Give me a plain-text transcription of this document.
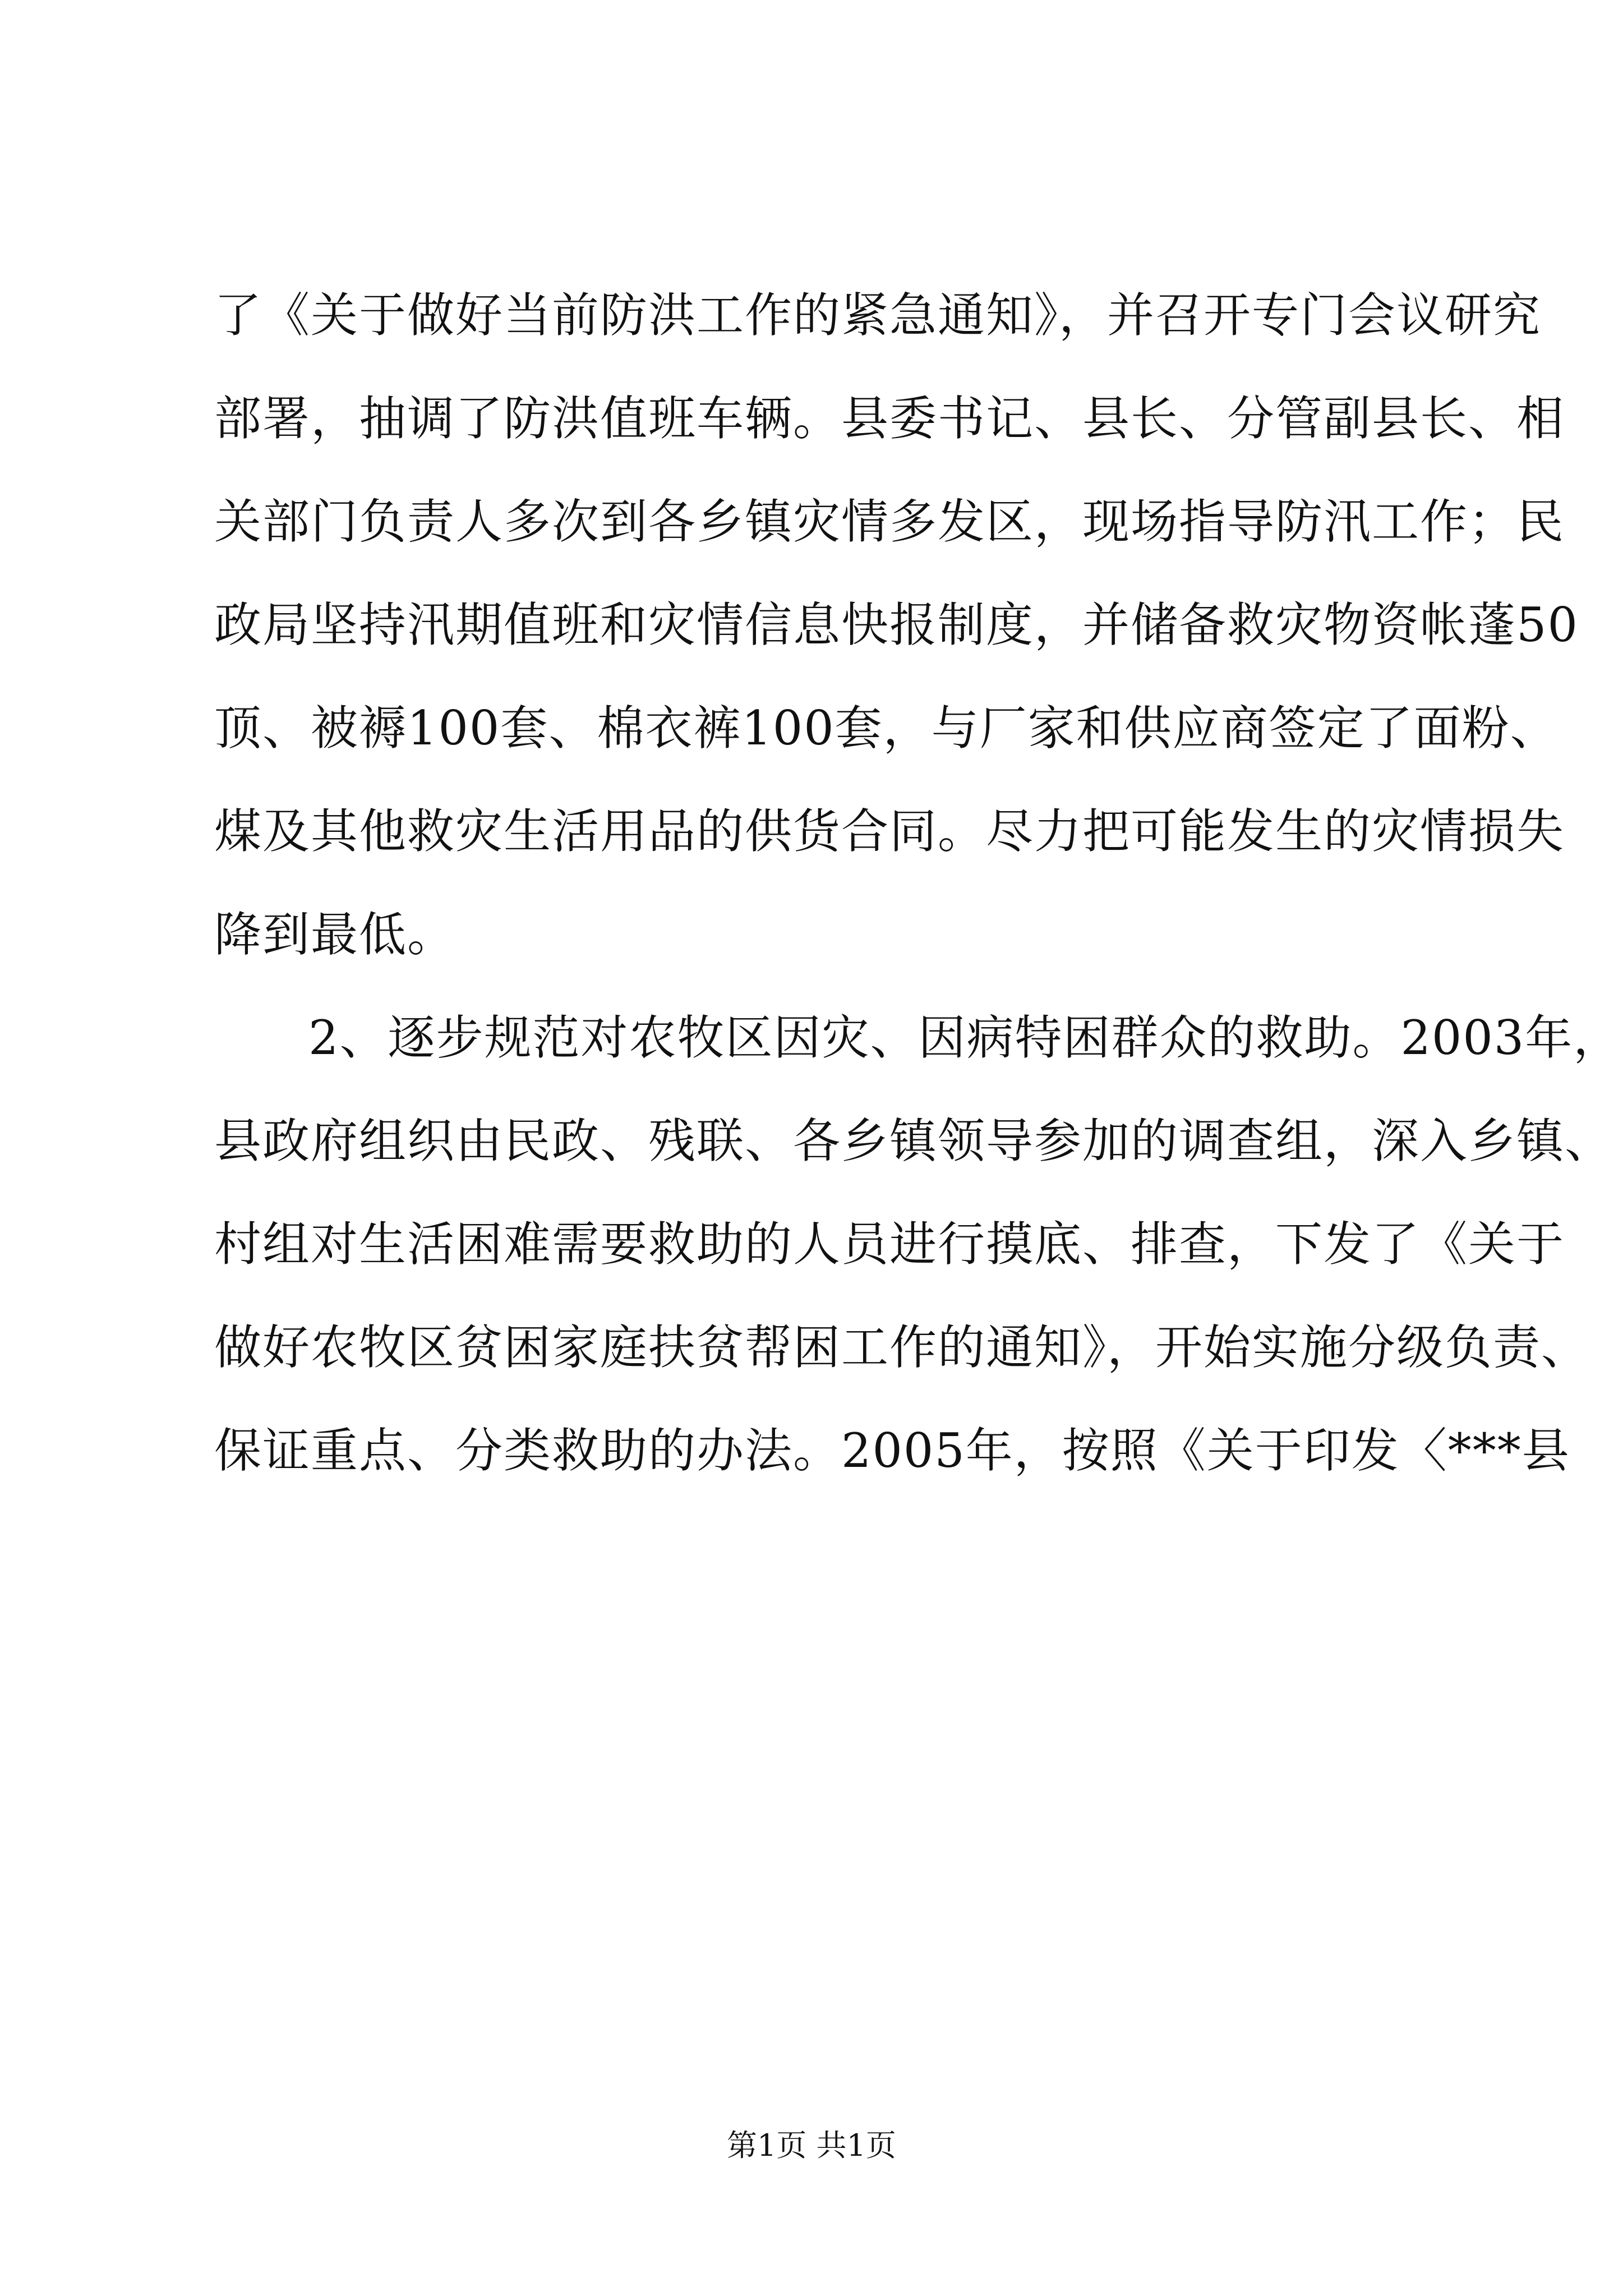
了《关于做好当前防洪工作的紧急通知》，并召开专门会议研究
部署，抽调了防洪值班车辆。县委书记、县长、分管副县长、相
关部门负责人多次到各乡镇灾情多发区，现场指导防汛工作；民
政局坚持汛期值班和灾情信息快报制度，并储备救灾物资帐蓬50
顶、被褥100套、棉衣裤100套，与厂家和供应商签定了面粉、
煤及其他救灾生活用品的供货合同。尽力把可能发生的灾情损失
降到最低。
2、逐步规范对农牧区因灾、因病特困群众的救助。2003年，
县政府组织由民政、残联、各乡镇领导参加的调查组，深入乡镇、
村组对生活困难需要救助的人员进行摸底、排查，下发了《关于
做好农牧区贫困家庭扶贫帮困工作的通知》，开始实施分级负责、
保证重点、分类救助的办法。2005年，按照《关于印发〈***县
第1页 共1页
